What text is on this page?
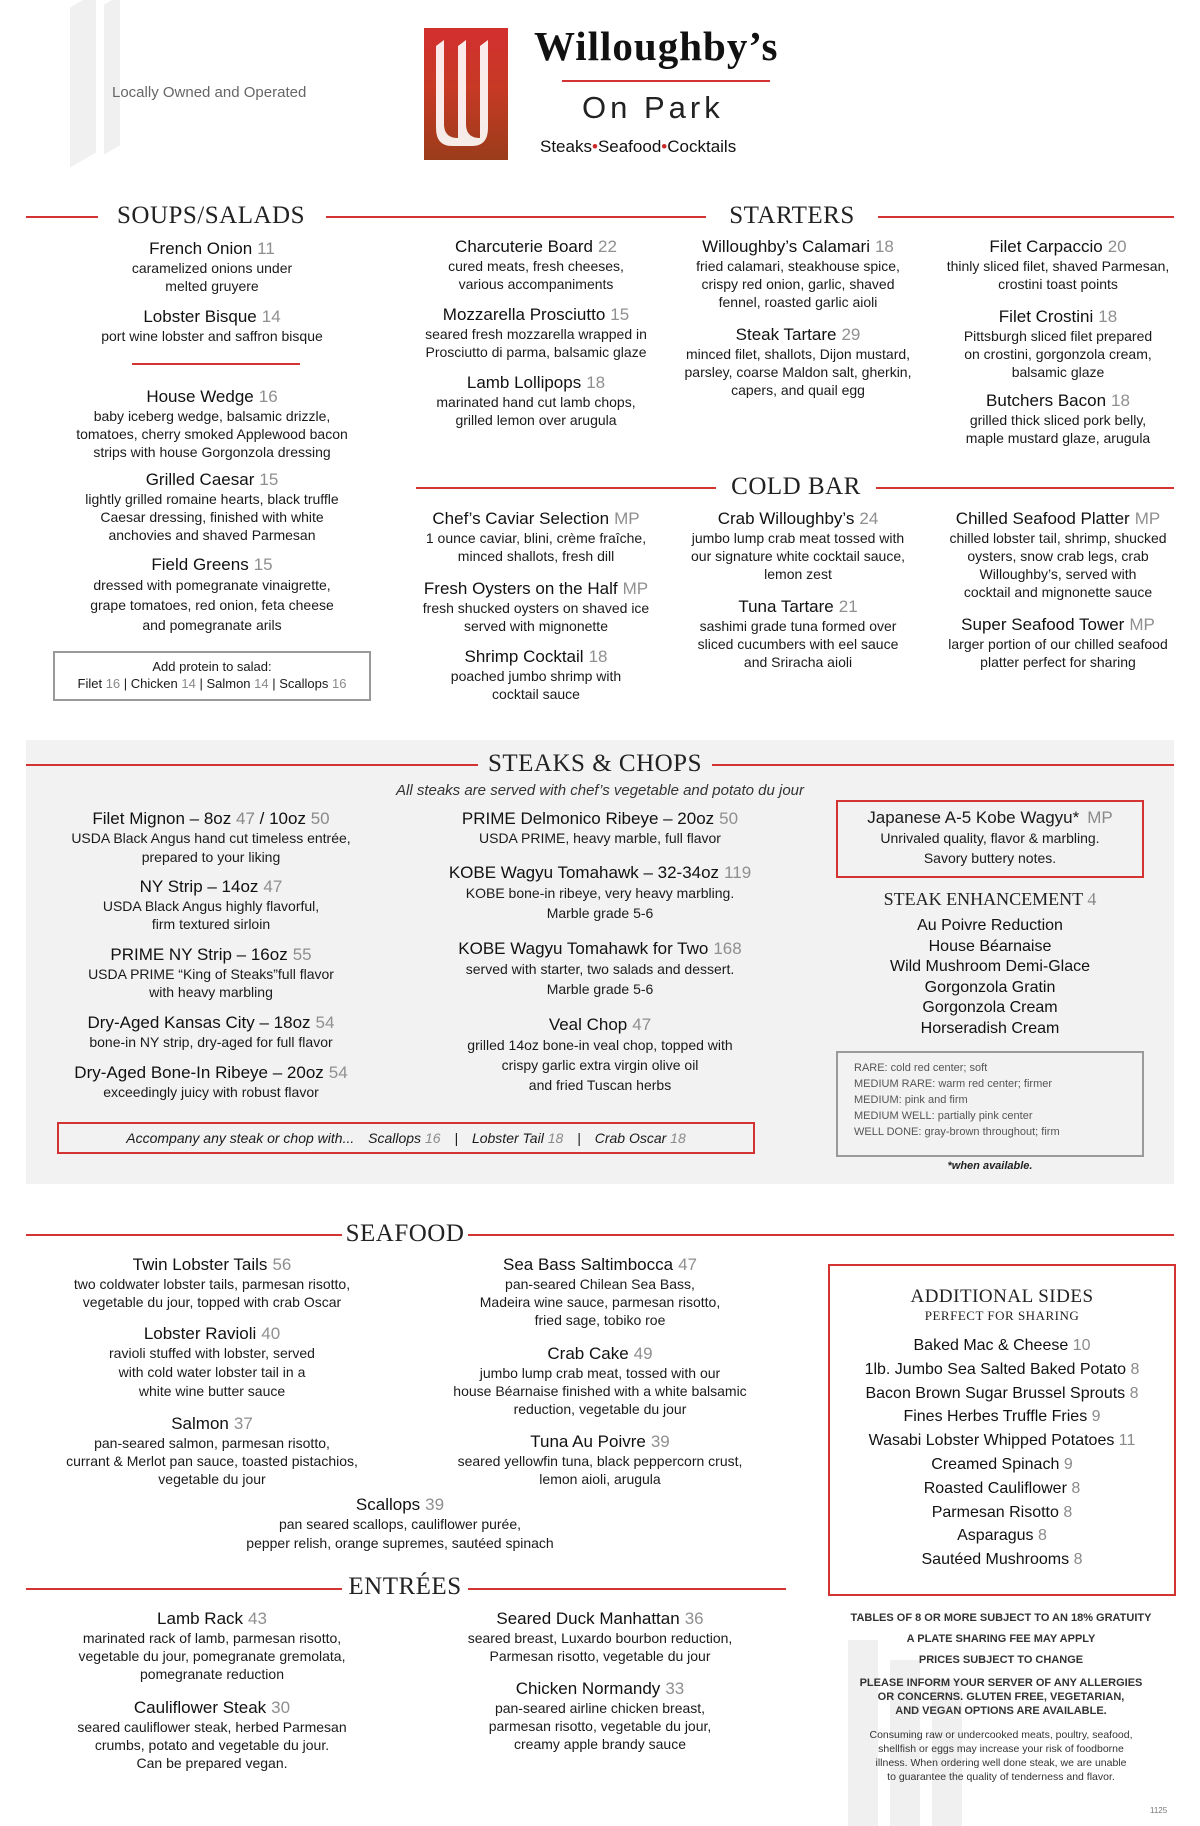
Locally Owned and Operated
Willoughby’s
On Park
Steaks•Seafood•Cocktails
SOUPS/SALADS
French Onion 11
caramelized onions under
melted gruyere
Lobster Bisque 14
port wine lobster and saffron bisque
House Wedge 16
baby iceberg wedge, balsamic drizzle,
tomatoes, cherry smoked Applewood bacon
strips with house Gorgonzola dressing
Grilled Caesar 15
lightly grilled romaine hearts, black truffle
Caesar dressing, finished with white
anchovies and shaved Parmesan
Field Greens 15
dressed with pomegranate vinaigrette,
grape tomatoes, red onion, feta cheese
and pomegranate arils
Add protein to salad:
Filet 16 | Chicken 14 | Salmon 14 | Scallops 16
STARTERS
Charcuterie Board 22
cured meats, fresh cheeses,
various accompaniments
Mozzarella Prosciutto 15
seared fresh mozzarella wrapped in
Prosciutto di parma, balsamic glaze
Lamb Lollipops 18
marinated hand cut lamb chops,
grilled lemon over arugula
Willoughby’s Calamari 18
fried calamari, steakhouse spice,
crispy red onion, garlic, shaved
fennel, roasted garlic aioli
Steak Tartare 29
minced filet, shallots, Dijon mustard,
parsley, coarse Maldon salt, gherkin,
capers, and quail egg
Filet Carpaccio 20
thinly sliced filet, shaved Parmesan,
crostini toast points
Filet Crostini 18
Pittsburgh sliced filet prepared
on crostini, gorgonzola cream,
balsamic glaze
Butchers Bacon 18
grilled thick sliced pork belly,
maple mustard glaze, arugula
COLD BAR
Chef’s Caviar Selection MP
1 ounce caviar, blini, crème fraîche,
minced shallots, fresh dill
Fresh Oysters on the Half MP
fresh shucked oysters on shaved ice
served with mignonette
Shrimp Cocktail 18
poached jumbo shrimp with
cocktail sauce
Crab Willoughby’s 24
jumbo lump crab meat tossed with
our signature white cocktail sauce,
lemon zest
Tuna Tartare 21
sashimi grade tuna formed over
sliced cucumbers with eel sauce
and Sriracha aioli
Chilled Seafood Platter MP
chilled lobster tail, shrimp, shucked
oysters, snow crab legs, crab
Willoughby’s, served with
cocktail and mignonette sauce
Super Seafood Tower MP
larger portion of our chilled seafood
platter perfect for sharing
STEAKS & CHOPS
All steaks are served with chef’s vegetable and potato du jour
Filet Mignon – 8oz 47 / 10oz 50
USDA Black Angus hand cut timeless entrée,
prepared to your liking
NY Strip – 14oz 47
USDA Black Angus highly flavorful,
firm textured sirloin
PRIME NY Strip – 16oz 55
USDA PRIME “King of Steaks”full flavor
with heavy marbling
Dry-Aged Kansas City – 18oz 54
bone-in NY strip, dry-aged for full flavor
Dry-Aged Bone-In Ribeye – 20oz 54
exceedingly juicy with robust flavor
PRIME Delmonico Ribeye – 20oz 50
USDA PRIME, heavy marble, full flavor
KOBE Wagyu Tomahawk – 32-34oz 119
KOBE bone-in ribeye, very heavy marbling.
Marble grade 5-6
KOBE Wagyu Tomahawk for Two 168
served with starter, two salads and dessert.
Marble grade 5-6
Veal Chop 47
grilled 14oz bone-in veal chop, topped with
crispy garlic extra virgin olive oil
and fried Tuscan herbs
Japanese A-5 Kobe Wagyu* MP
Unrivaled quality, flavor & marbling.
Savory buttery notes.
STEAK ENHANCEMENT 4
Au Poivre Reduction
House Béarnaise
Wild Mushroom Demi-Glace
Gorgonzola Gratin
Gorgonzola Cream
Horseradish Cream
RARE: cold red center; soft
MEDIUM RARE: warm red center; firmer
MEDIUM: pink and firm
MEDIUM WELL: partially pink center
WELL DONE: gray-brown throughout; firm
*when available.
Accompany any steak or chop with... Scallops 16 | Lobster Tail 18 | Crab Oscar 18
SEAFOOD
Twin Lobster Tails 56
two coldwater lobster tails, parmesan risotto,
vegetable du jour, topped with crab Oscar
Lobster Ravioli 40
ravioli stuffed with lobster, served
with cold water lobster tail in a
white wine butter sauce
Salmon 37
pan-seared salmon, parmesan risotto,
currant & Merlot pan sauce, toasted pistachios,
vegetable du jour
Sea Bass Saltimbocca 47
pan-seared Chilean Sea Bass,
Madeira wine sauce, parmesan risotto,
fried sage, tobiko roe
Crab Cake 49
jumbo lump crab meat, tossed with our
house Béarnaise finished with a white balsamic
reduction, vegetable du jour
Tuna Au Poivre 39
seared yellowfin tuna, black peppercorn crust,
lemon aioli, arugula
Scallops 39
pan seared scallops, cauliflower purée,
pepper relish, orange supremes, sautéed spinach
ENTRÉES
Lamb Rack 43
marinated rack of lamb, parmesan risotto,
vegetable du jour, pomegranate gremolata,
pomegranate reduction
Cauliflower Steak 30
seared cauliflower steak, herbed Parmesan
crumbs, potato and vegetable du jour.
Can be prepared vegan.
Seared Duck Manhattan 36
seared breast, Luxardo bourbon reduction,
Parmesan risotto, vegetable du jour
Chicken Normandy 33
pan-seared airline chicken breast,
parmesan risotto, vegetable du jour,
creamy apple brandy sauce
ADDITIONAL SIDES
PERFECT FOR SHARING
Baked Mac & Cheese 10
1lb. Jumbo Sea Salted Baked Potato 8
Bacon Brown Sugar Brussel Sprouts 8
Fines Herbes Truffle Fries 9
Wasabi Lobster Whipped Potatoes 11
Creamed Spinach 9
Roasted Cauliflower 8
Parmesan Risotto 8
Asparagus 8
Sautéed Mushrooms 8
TABLES OF 8 OR MORE SUBJECT TO AN 18% GRATUITY
A PLATE SHARING FEE MAY APPLY
PRICES SUBJECT TO CHANGE
PLEASE INFORM YOUR SERVER OF ANY ALLERGIES
OR CONCERNS. GLUTEN FREE, VEGETARIAN,
AND VEGAN OPTIONS ARE AVAILABLE.
Consuming raw or undercooked meats, poultry, seafood,
shellfish or eggs may increase your risk of foodborne
illness. When ordering well done steak, we are unable
to guarantee the quality of tenderness and flavor.
1125
